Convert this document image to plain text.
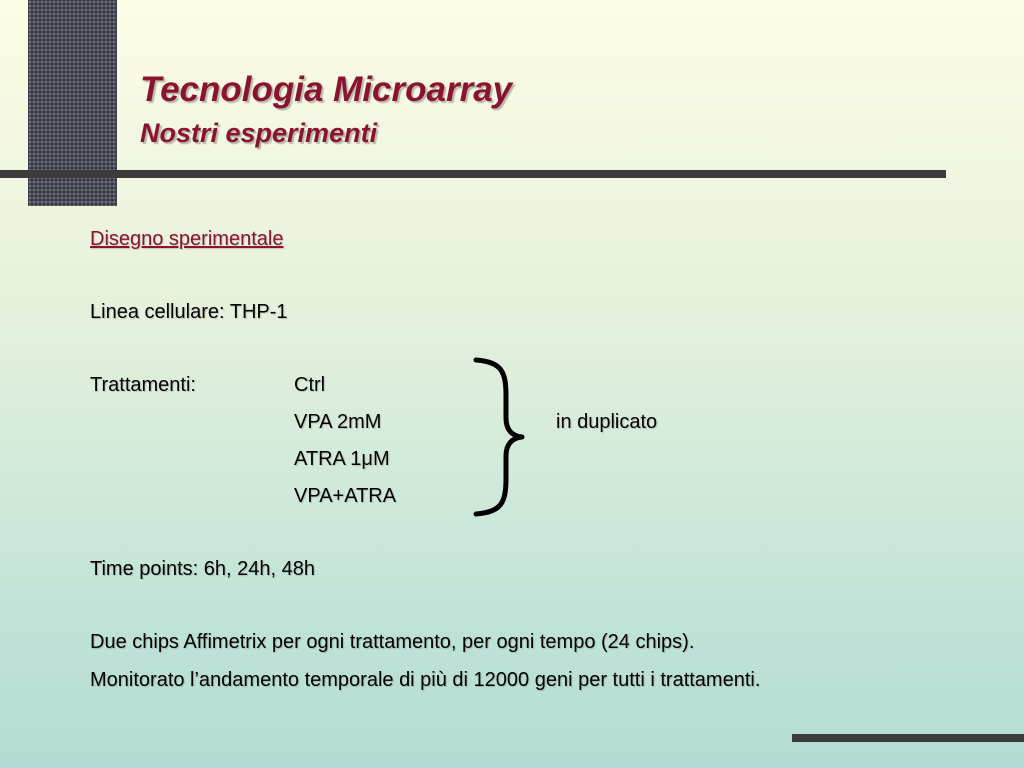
Tecnologia Microarray
Nostri esperimenti
Disegno sperimentale
Linea cellulare: THP-1
Trattamenti:	Ctrl
VPA 2mM
ATRA 1μM
VPA+ATRA
in duplicato
Time points: 6h, 24h, 48h
Due chips Affimetrix per ogni trattamento, per ogni tempo (24 chips).
Monitorato l’andamento temporale di più di 12000 geni per tutti i trattamenti.
